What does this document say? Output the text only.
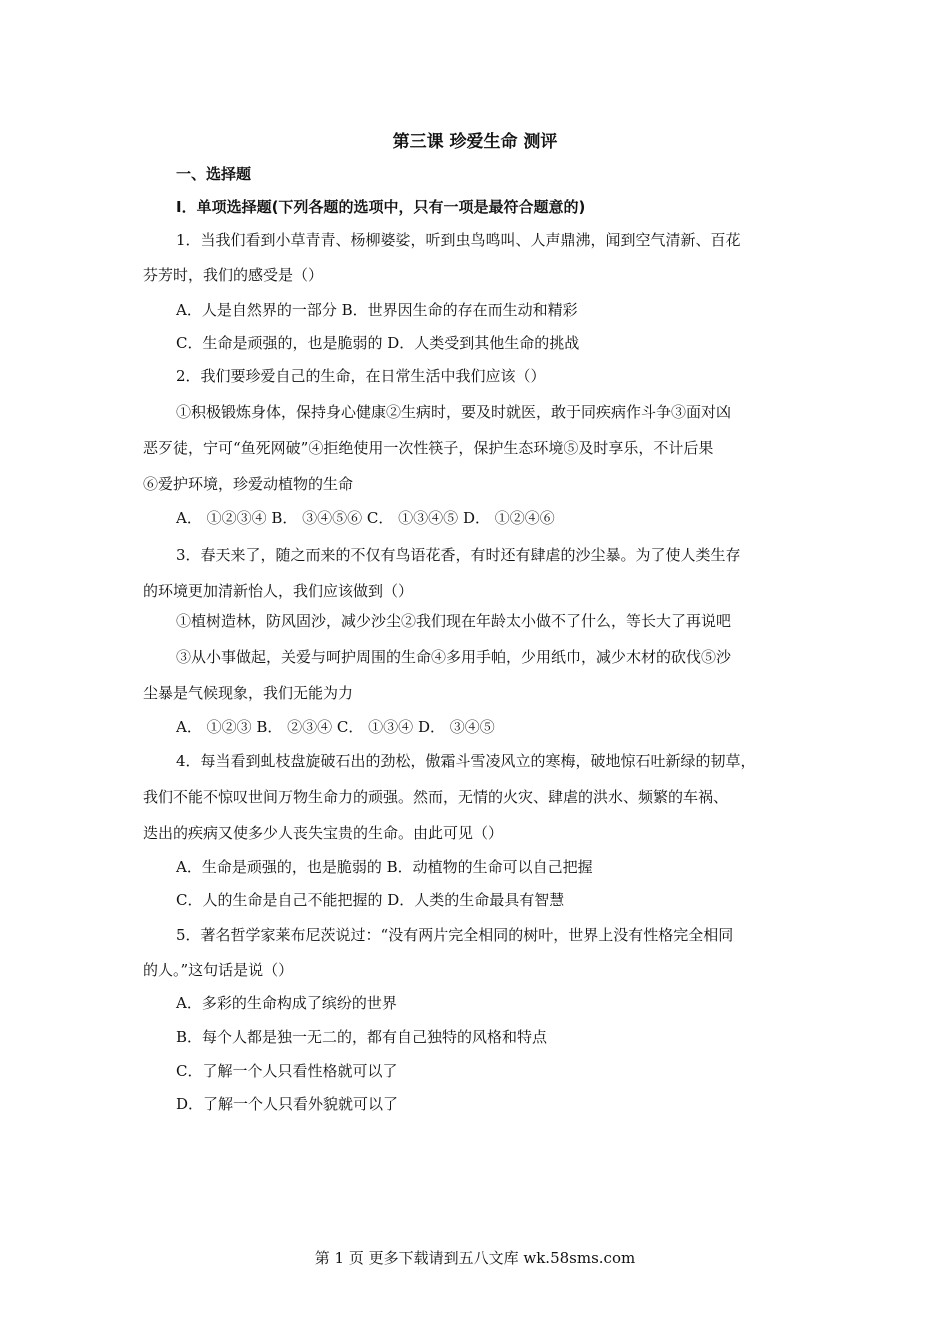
第三课 珍爱生命 测评
一、选择题
Ⅰ．单项选择题(下列各题的选项中，只有一项是最符合题意的)
1．当我们看到小草青青、杨柳婆娑，听到虫鸟鸣叫、人声鼎沸，闻到空气清新、百花
芬芳时，我们的感受是（）
A．人是自然界的一部分 B．世界因生命的存在而生动和精彩
C．生命是顽强的，也是脆弱的 D．人类受到其他生命的挑战
2．我们要珍爱自己的生命，在日常生活中我们应该（）
①积极锻炼身体，保持身心健康②生病时，要及时就医，敢于同疾病作斗争③面对凶
恶歹徒，宁可“鱼死网破”④拒绝使用一次性筷子，保护生态环境⑤及时享乐，不计后果
⑥爱护环境，珍爱动植物的生命
A． ①②③④ B． ③④⑤⑥ C． ①③④⑤ D． ①②④⑥
3．春天来了，随之而来的不仅有鸟语花香，有时还有肆虐的沙尘暴。为了使人类生存
的环境更加清新怡人，我们应该做到（）
①植树造林，防风固沙，减少沙尘②我们现在年龄太小做不了什么，等长大了再说吧
③从小事做起，关爱与呵护周围的生命④多用手帕，少用纸巾，减少木材的砍伐⑤沙
尘暴是气候现象，我们无能为力
A． ①②③ B． ②③④ C． ①③④ D． ③④⑤
4．每当看到虬枝盘旋破石出的劲松，傲霜斗雪凌风立的寒梅，破地惊石吐新绿的韧草，
我们不能不惊叹世间万物生命力的顽强。然而，无情的火灾、肆虐的洪水、频繁的车祸、
迭出的疾病又使多少人丧失宝贵的生命。由此可见（）
A．生命是顽强的，也是脆弱的 B．动植物的生命可以自己把握
C．人的生命是自己不能把握的 D．人类的生命最具有智慧
5．著名哲学家莱布尼茨说过：“没有两片完全相同的树叶，世界上没有性格完全相同
的人。”这句话是说（）
A．多彩的生命构成了缤纷的世界
B．每个人都是独一无二的，都有自己独特的风格和特点
C．了解一个人只看性格就可以了
D．了解一个人只看外貌就可以了
第 1 页 更多下载请到五八文库 wk.58sms.com
